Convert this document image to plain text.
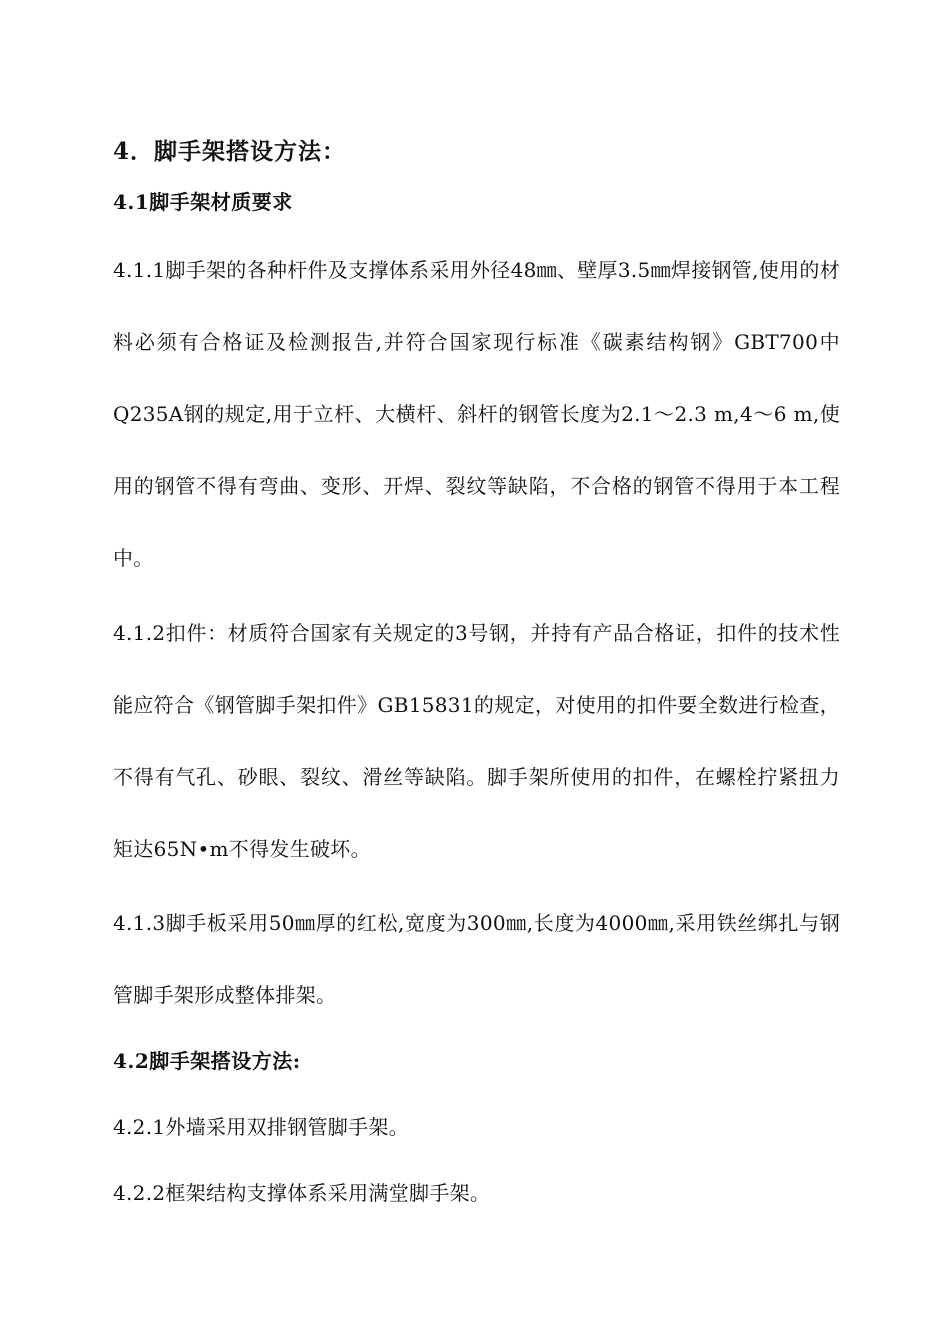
4．脚手架搭设方法：
4.1脚手架材质要求

4.1.1脚手架的各种杆件及支撑体系采用外径48㎜、壁厚3.5㎜焊接钢管,使用的材料必须有合格证及检测报告,并符合国家现行标准《碳素结构钢》GBT700中Q235A钢的规定,用于立杆、大横杆、斜杆的钢管长度为2.1～2.3 m,4～6 m,使用的钢管不得有弯曲、变形、开焊、裂纹等缺陷，不合格的钢管不得用于本工程中。

4.1.2扣件：材质符合国家有关规定的3号钢，并持有产品合格证，扣件的技术性能应符合《钢管脚手架扣件》GB15831的规定，对使用的扣件要全数进行检查，不得有气孔、砂眼、裂纹、滑丝等缺陷。脚手架所使用的扣件，在螺栓拧紧扭力矩达65N•m不得发生破坏。

4.1.3脚手板采用50㎜厚的红松,宽度为300㎜,长度为4000㎜,采用铁丝绑扎与钢管脚手架形成整体排架。

4.2脚手架搭设方法:

4.2.1外墙采用双排钢管脚手架。

4.2.2框架结构支撑体系采用满堂脚手架。
